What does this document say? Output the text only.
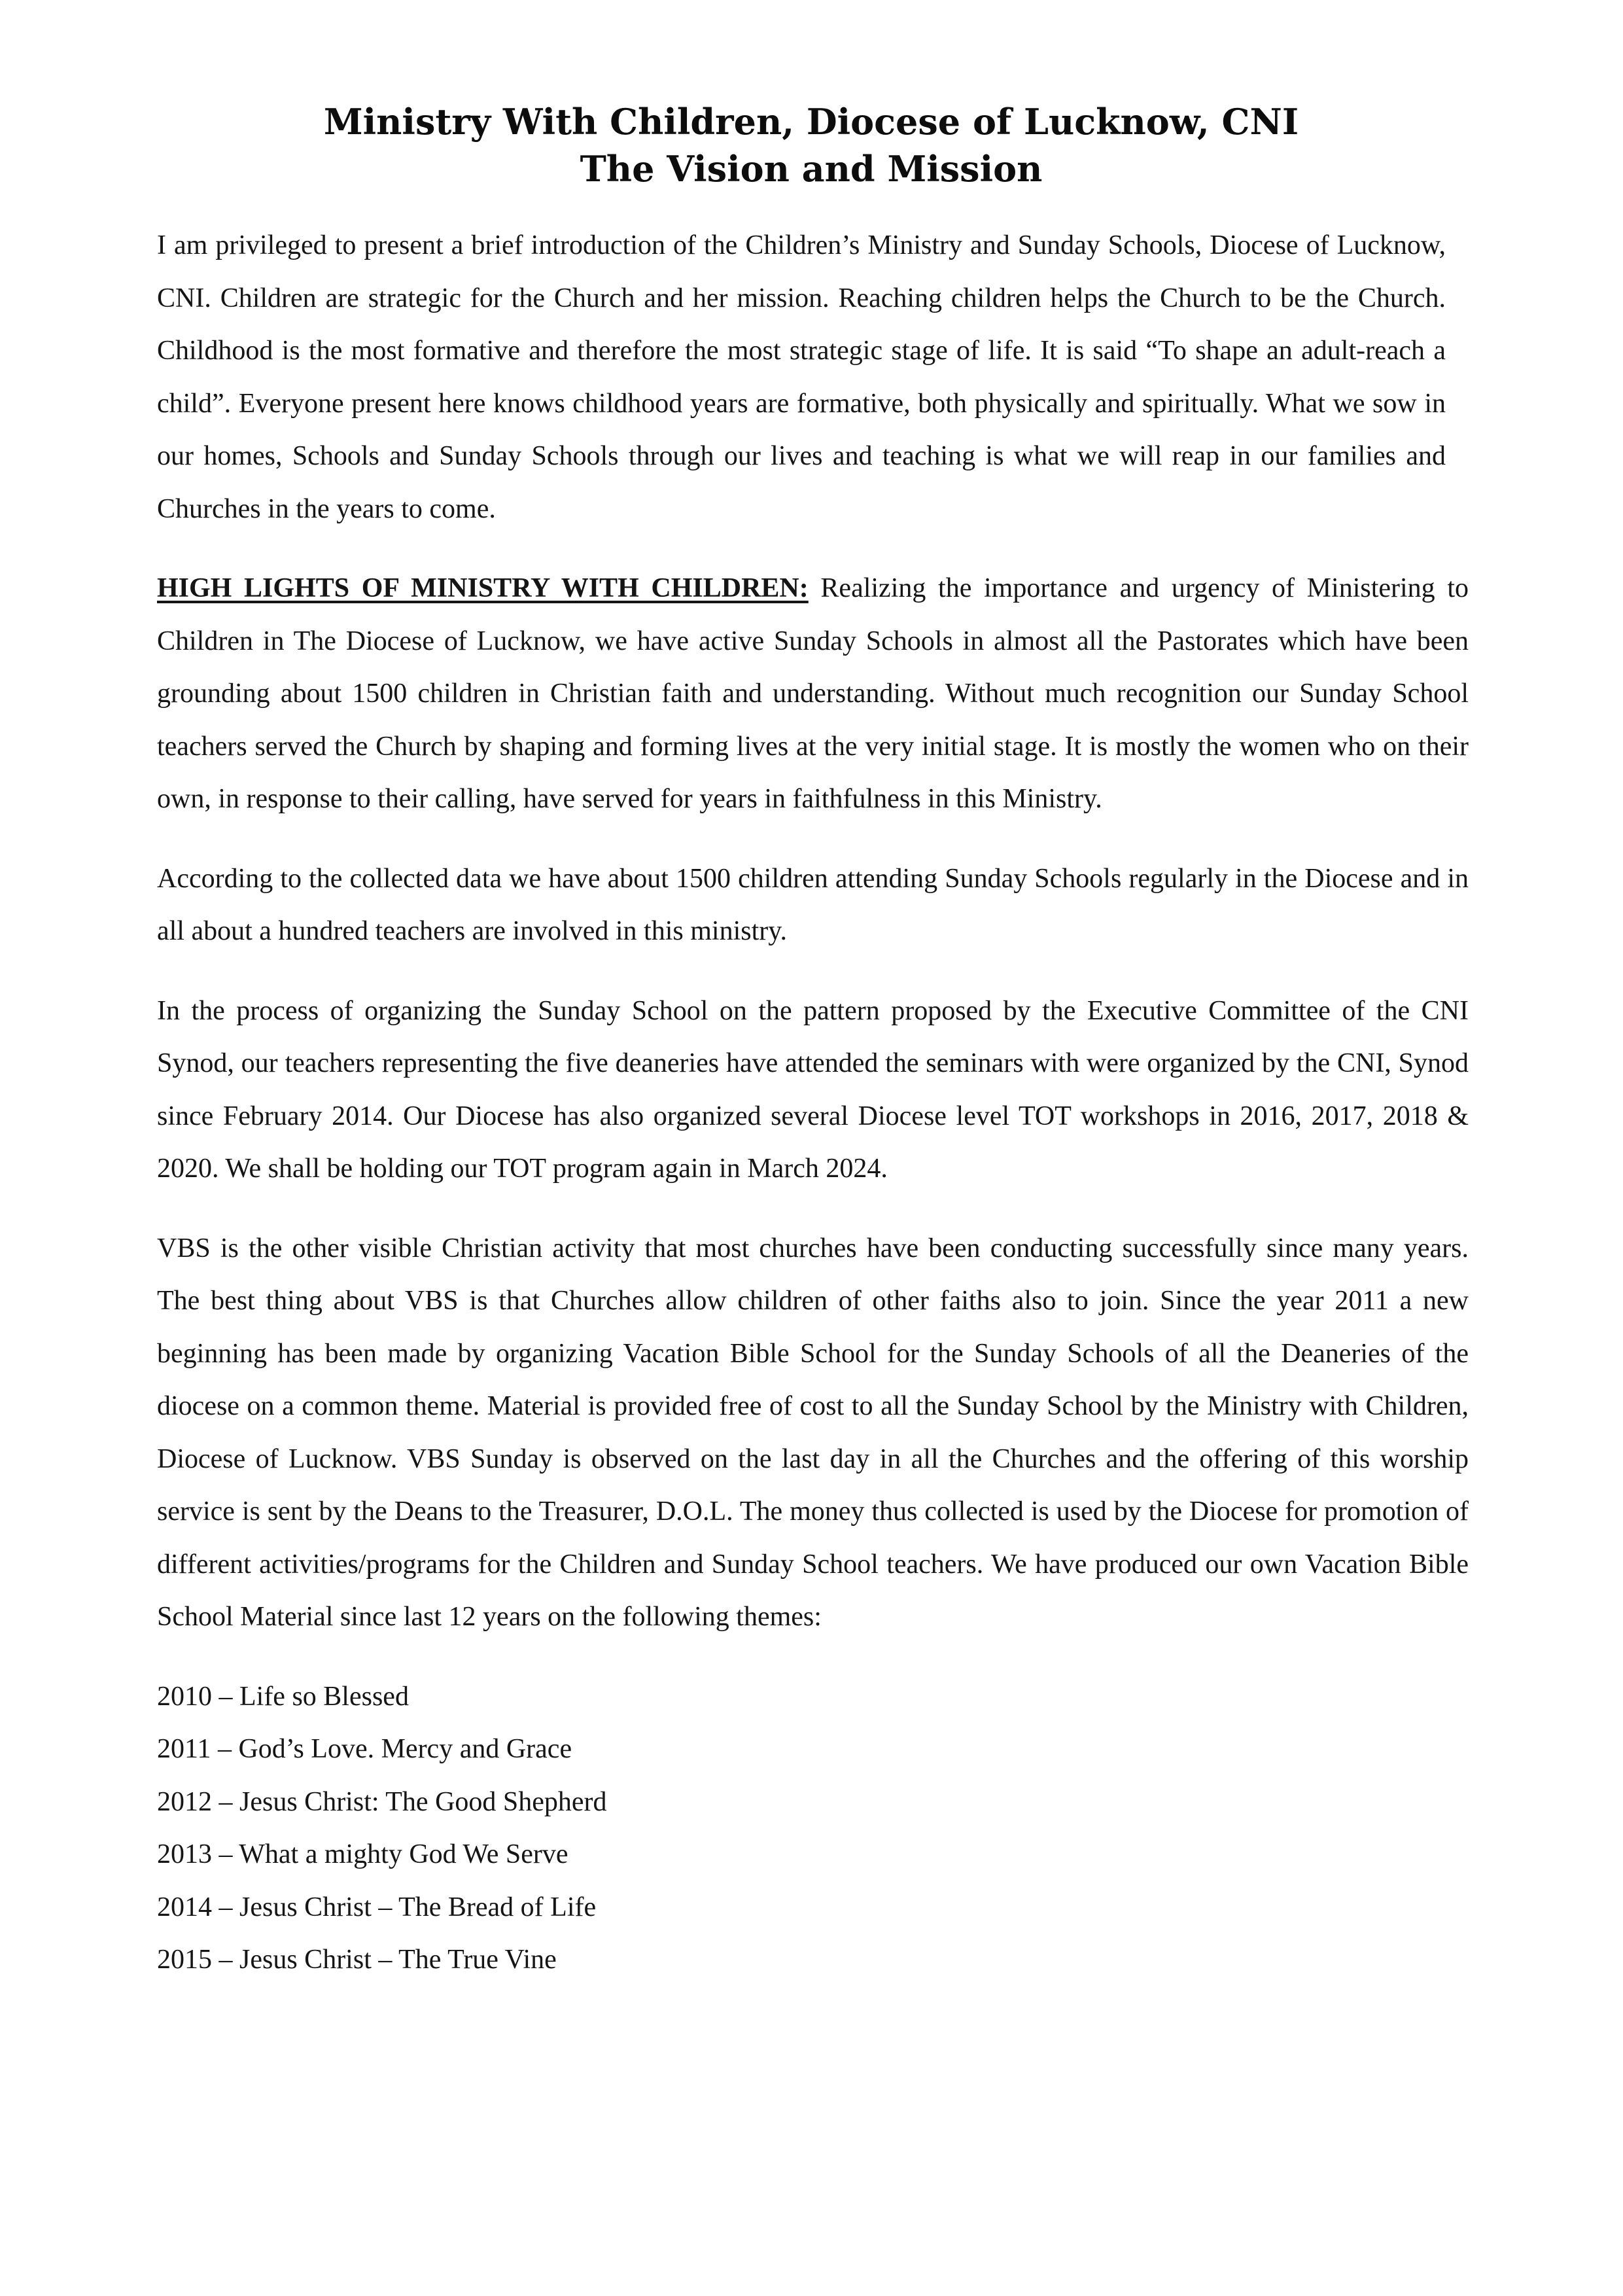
Ministry With Children, Diocese of Lucknow, CNI
The Vision and Mission

I am privileged to present a brief introduction of the Children’s Ministry and Sunday Schools, Diocese of Lucknow, CNI. Children are strategic for the Church and her mission. Reaching children helps the Church to be the Church. Childhood is the most formative and therefore the most strategic stage of life. It is said “To shape an adult-reach a child”. Everyone present here knows childhood years are formative, both physically and spiritually. What we sow in our homes, Schools and Sunday Schools through our lives and teaching is what we will reap in our families and Churches in the years to come.

HIGH LIGHTS OF MINISTRY WITH CHILDREN: Realizing the importance and urgency of Ministering to Children in The Diocese of Lucknow, we have active Sunday Schools in almost all the Pastorates which have been grounding about 1500 children in Christian faith and understanding. Without much recognition our Sunday School teachers served the Church by shaping and forming lives at the very initial stage. It is mostly the women who on their own, in response to their calling, have served for years in faithfulness in this Ministry.

According to the collected data we have about 1500 children attending Sunday Schools regularly in the Diocese and in all about a hundred teachers are involved in this ministry.

In the process of organizing the Sunday School on the pattern proposed by the Executive Committee of the CNI Synod, our teachers representing the five deaneries have attended the seminars with were organized by the CNI, Synod since February 2014. Our Diocese has also organized several Diocese level TOT workshops in 2016, 2017, 2018 & 2020. We shall be holding our TOT program again in March 2024.

VBS is the other visible Christian activity that most churches have been conducting successfully since many years. The best thing about VBS is that Churches allow children of other faiths also to join. Since the year 2011 a new beginning has been made by organizing Vacation Bible School for the Sunday Schools of all the Deaneries of the diocese on a common theme. Material is provided free of cost to all the Sunday School by the Ministry with Children, Diocese of Lucknow. VBS Sunday is observed on the last day in all the Churches and the offering of this worship service is sent by the Deans to the Treasurer, D.O.L. The money thus collected is used by the Diocese for promotion of different activities/programs for the Children and Sunday School teachers. We have produced our own Vacation Bible School Material since last 12 years on the following themes:

2010 – Life so Blessed
2011 – God’s Love. Mercy and Grace
2012 – Jesus Christ: The Good Shepherd
2013 – What a mighty God We Serve
2014 – Jesus Christ – The Bread of Life
2015 – Jesus Christ – The True Vine
